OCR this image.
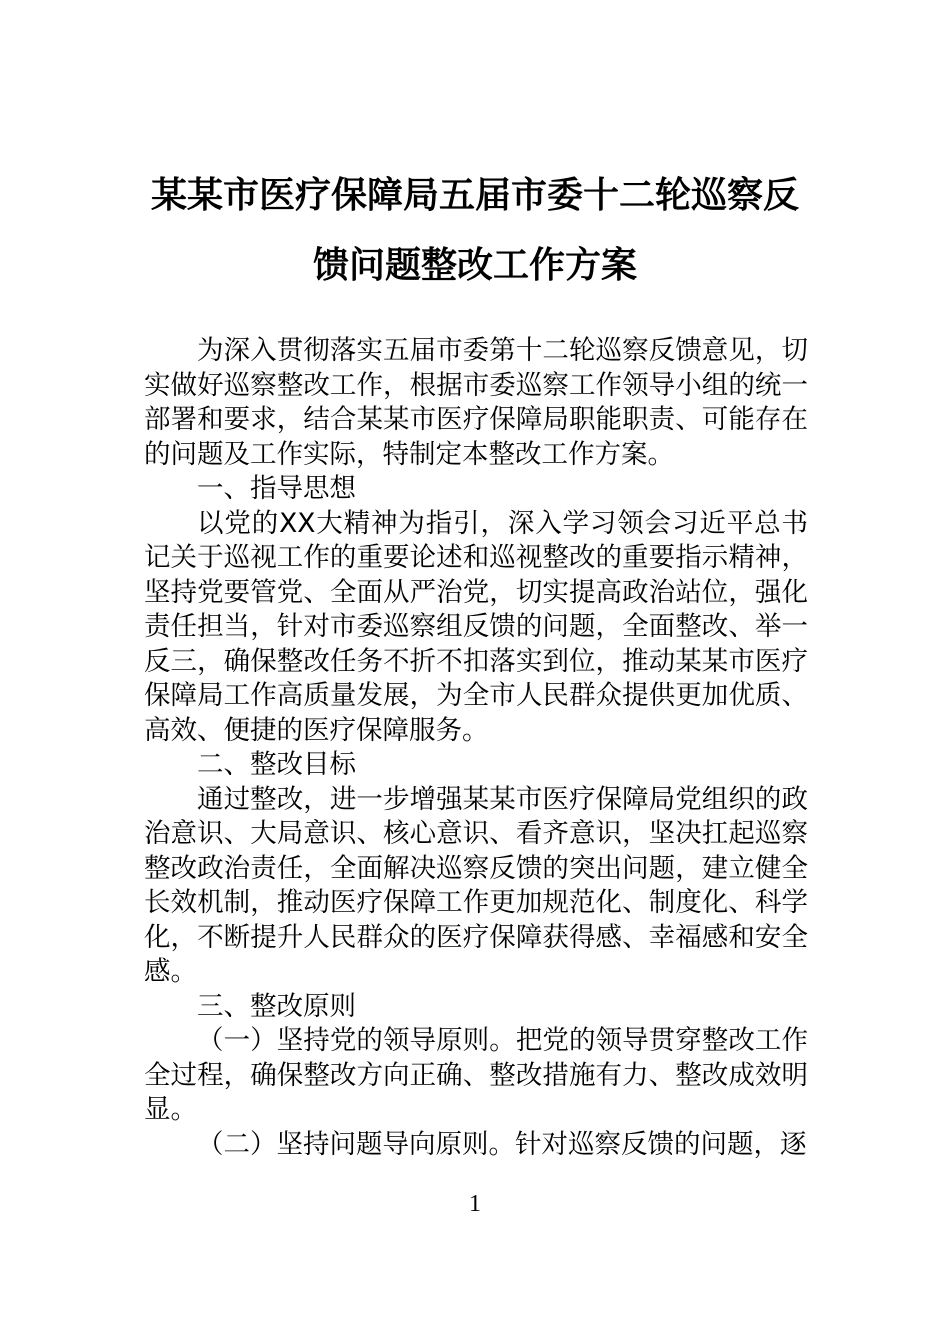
某某市医疗保障局五届市委十二轮巡察反
馈问题整改工作方案

为深入贯彻落实五届市委第十二轮巡察反馈意见，切实做好巡察整改工作，根据市委巡察工作领导小组的统一部署和要求，结合某某市医疗保障局职能职责、可能存在的问题及工作实际，特制定本整改工作方案。

一、指导思想

以党的XX大精神为指引，深入学习领会习近平总书记关于巡视工作的重要论述和巡视整改的重要指示精神，坚持党要管党、全面从严治党，切实提高政治站位，强化责任担当，针对市委巡察组反馈的问题，全面整改、举一反三，确保整改任务不折不扣落实到位，推动某某市医疗保障局工作高质量发展，为全市人民群众提供更加优质、高效、便捷的医疗保障服务。

二、整改目标

通过整改，进一步增强某某市医疗保障局党组织的政治意识、大局意识、核心意识、看齐意识，坚决扛起巡察整改政治责任，全面解决巡察反馈的突出问题，建立健全长效机制，推动医疗保障工作更加规范化、制度化、科学化，不断提升人民群众的医疗保障获得感、幸福感和安全感。

三、整改原则

（一）坚持党的领导原则。把党的领导贯穿整改工作全过程，确保整改方向正确、整改措施有力、整改成效明显。

（二）坚持问题导向原则。针对巡察反馈的问题，逐

1
